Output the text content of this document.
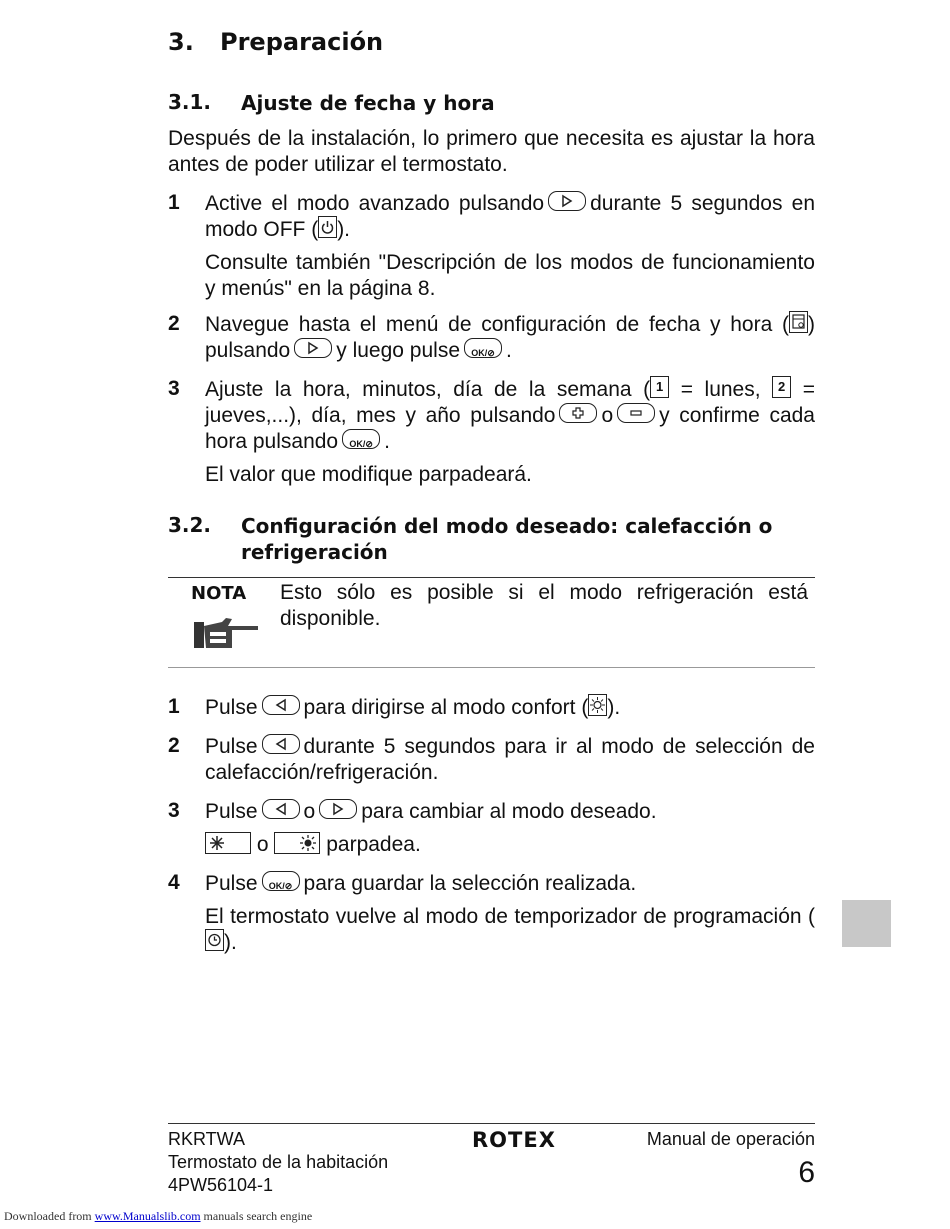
3. Preparación
3.1. Ajuste de fecha y hora
Después de la instalación, lo primero que necesita es ajustar la hora antes de poder utilizar el termostato.
1 Active el modo avanzado pulsando durante 5 segundos en modo OFF ( ).

Consulte también "Descripción de los modos de funcionamiento y menús" en la página 8.

2 Navegue hasta el menú de configuración de fecha y hora ( ) pulsando y luego pulse	OK/⊘ .

3 Ajuste la hora, minutos, día de la semana ( 1 = lunes, 2 = jueves,...), día, mes y año pulsando o y confirme cada hora pulsando	OK/⊘ .

El valor que modifique parpadeará.

3.2. Configuración del modo deseado: calefacción o refrigeración
NOTA Esto sólo es posible si el modo refrigeración está disponible.
1 Pulse para dirigirse al modo confort ( ).

2 Pulse durante 5 segundos para ir al modo de selección de calefacción/refrigeración.

3 Pulse o para cambiar al modo deseado.

o	parpadea.

4 Pulse	OK/⊘ para guardar la selección realizada.

El termostato vuelve al modo de temporizador de programación (
).

RKRTWA
Termostato de la habitación
4PW56104-1
ROTEX	Manual de operación
6
Downloaded from www.Manualslib.com manuals search engine
